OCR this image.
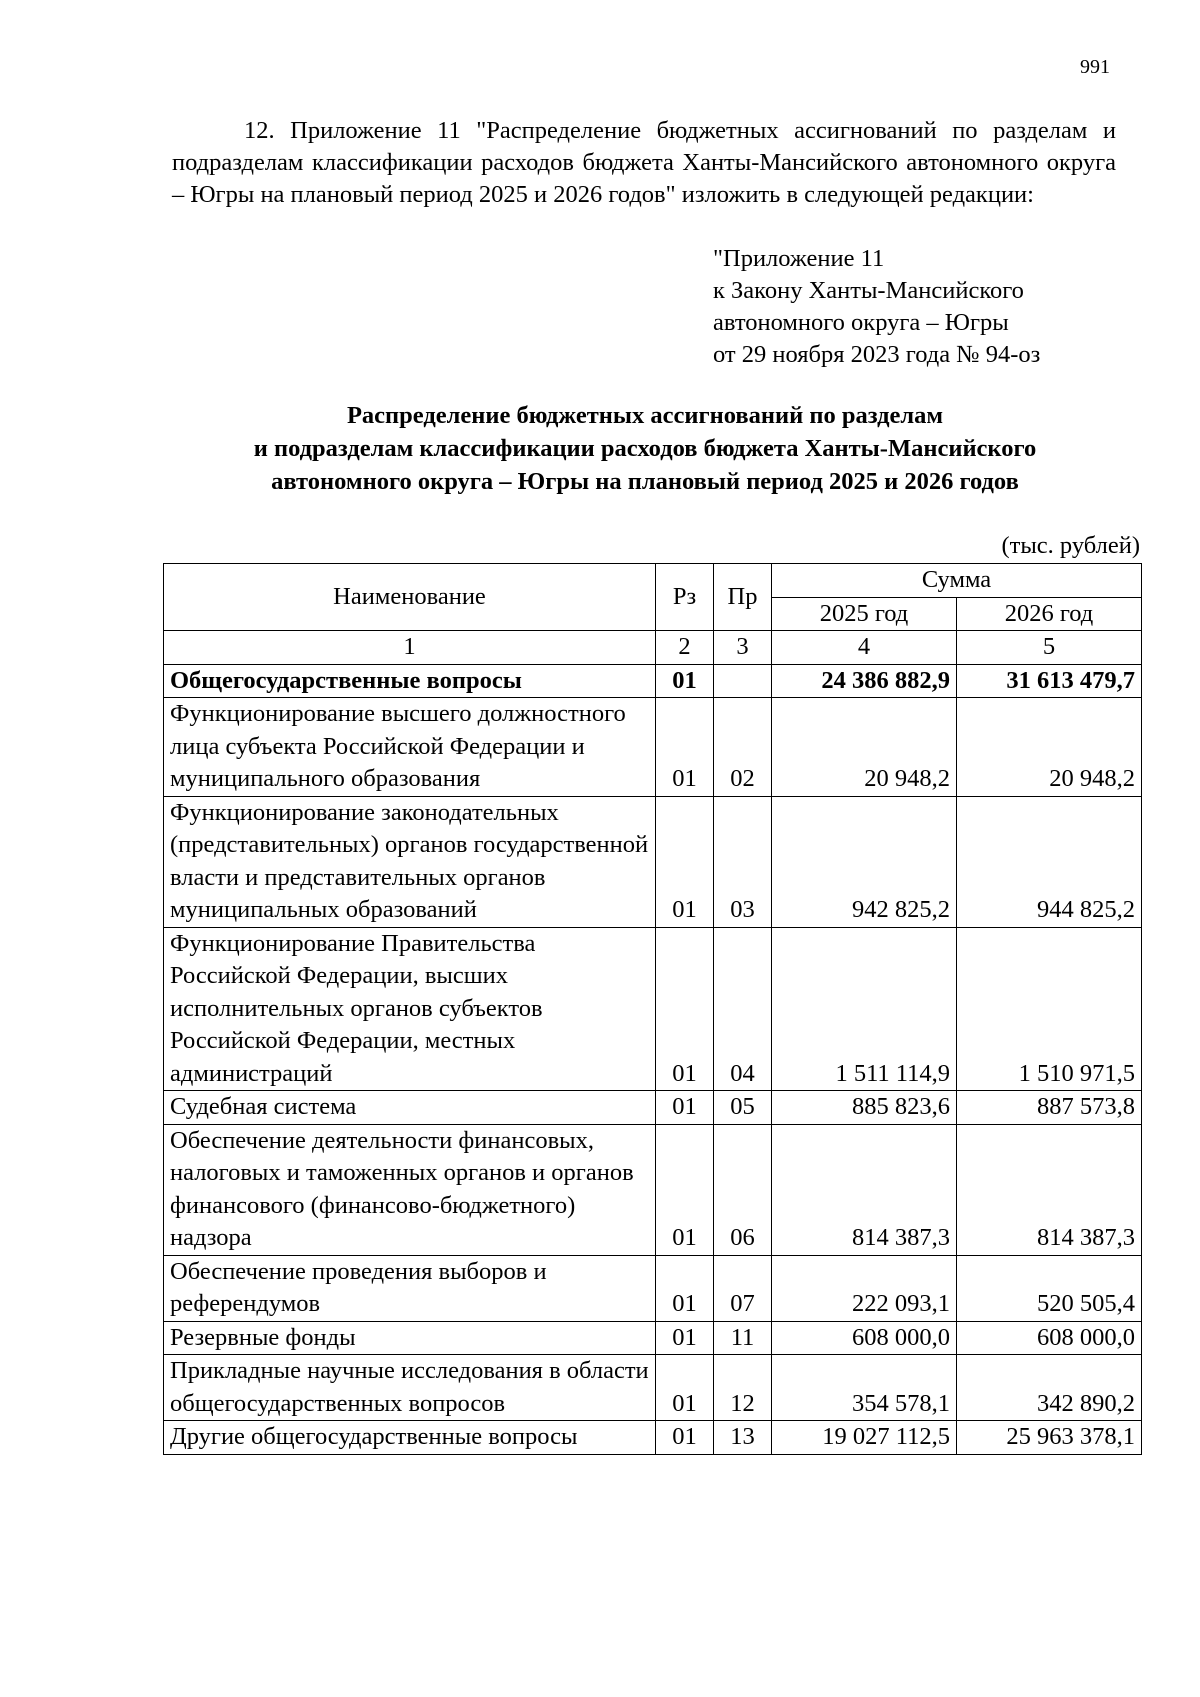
991

12. Приложение 11 "Распределение бюджетных ассигнований по разделам и подразделам классификации расходов бюджета Ханты-Мансийского автономного округа – Югры на плановый период 2025 и 2026 годов" изложить в следующей редакции:

"Приложение 11
к Закону Ханты-Мансийского
автономного округа – Югры
от 29 ноября 2023 года № 94-оз
Распределение бюджетных ассигнований по разделам
и подразделам классификации расходов бюджета Ханты-Мансийского
автономного округа – Югры на плановый период 2025 и 2026 годов
(тыс. рублей)
Наименование	Рз	Пр	Сумма	
			2025 год	2026 год
1	2	3	4	5
Общегосударственные вопросы	01		24 386 882,9	31 613 479,7
Функционирование высшего должностного лица субъекта Российской Федерации и муниципального образования	01	02	20 948,2	20 948,2
Функционирование законодательных (представительных) органов государственной власти и представительных органов муниципальных образований	01	03	942 825,2	944 825,2
Функционирование Правительства Российской Федерации, высших исполнительных органов субъектов Российской Федерации, местных администраций	01	04	1 511 114,9	1 510 971,5
Судебная система	01	05	885 823,6	887 573,8
Обеспечение деятельности финансовых, налоговых и таможенных органов и органов финансового (финансово-бюджетного) надзора	01	06	814 387,3	814 387,3
Обеспечение проведения выборов и референдумов	01	07	222 093,1	520 505,4
Резервные фонды	01	11	608 000,0	608 000,0
Прикладные научные исследования в области общегосударственных вопросов	01	12	354 578,1	342 890,2
Другие общегосударственные вопросы	01	13	19 027 112,5	25 963 378,1
